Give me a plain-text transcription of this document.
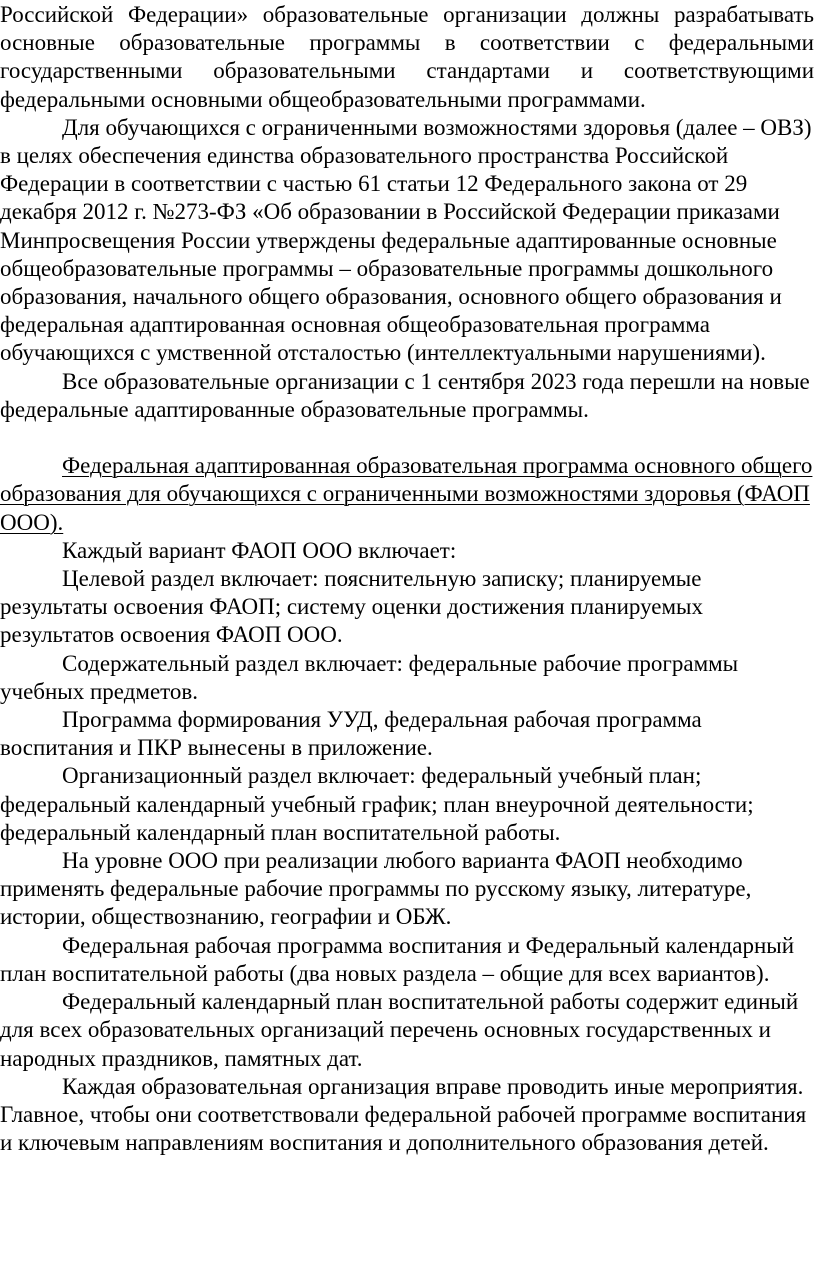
Российской Федерации» образовательные организации должны разрабатывать основные образовательные программы в соответствии с федеральными государственными образовательными стандартами и соответствующими федеральными основными общеобразовательными программами.

Для обучающихся с ограниченными возможностями здоровья (далее – ОВЗ) в целях обеспечения единства образовательного пространства Российской Федерации в соответствии с частью 61 статьи 12 Федерального закона от 29 декабря 2012 г. №273-ФЗ «Об образовании в Российской Федерации приказами Минпросвещения России утверждены федеральные адаптированные основные общеобразовательные программы – образовательные программы дошкольного образования, начального общего образования, основного общего образования и федеральная адаптированная основная общеобразовательная программа обучающихся с умственной отсталостью (интеллектуальными нарушениями).

Все образовательные организации с 1 сентября 2023 года перешли на новые федеральные адаптированные образовательные программы.

Федеральная адаптированная образовательная программа основного общего образования для обучающихся с ограниченными возможностями здоровья (ФАОП ООО).

Каждый вариант ФАОП ООО включает:

Целевой раздел включает: пояснительную записку; планируемые результаты освоения ФАОП; систему оценки достижения планируемых результатов освоения ФАОП ООО.

Содержательный раздел включает: федеральные рабочие программы учебных предметов.

Программа формирования УУД, федеральная рабочая программа воспитания и ПКР вынесены в приложение.

Организационный раздел включает: федеральный учебный план; федеральный календарный учебный график; план внеурочной деятельности; федеральный календарный план воспитательной работы.

На уровне ООО при реализации любого варианта ФАОП необходимо применять федеральные рабочие программы по русскому языку, литературе, истории, обществознанию, географии и ОБЖ.

Федеральная рабочая программа воспитания и Федеральный календарный план воспитательной работы (два новых раздела – общие для всех вариантов).

Федеральный календарный план воспитательной работы содержит единый для всех образовательных организаций перечень основных государственных и народных праздников, памятных дат.

Каждая образовательная организация вправе проводить иные мероприятия. Главное, чтобы они соответствовали федеральной рабочей программе воспитания и ключевым направлениям воспитания и дополнительного образования детей.
